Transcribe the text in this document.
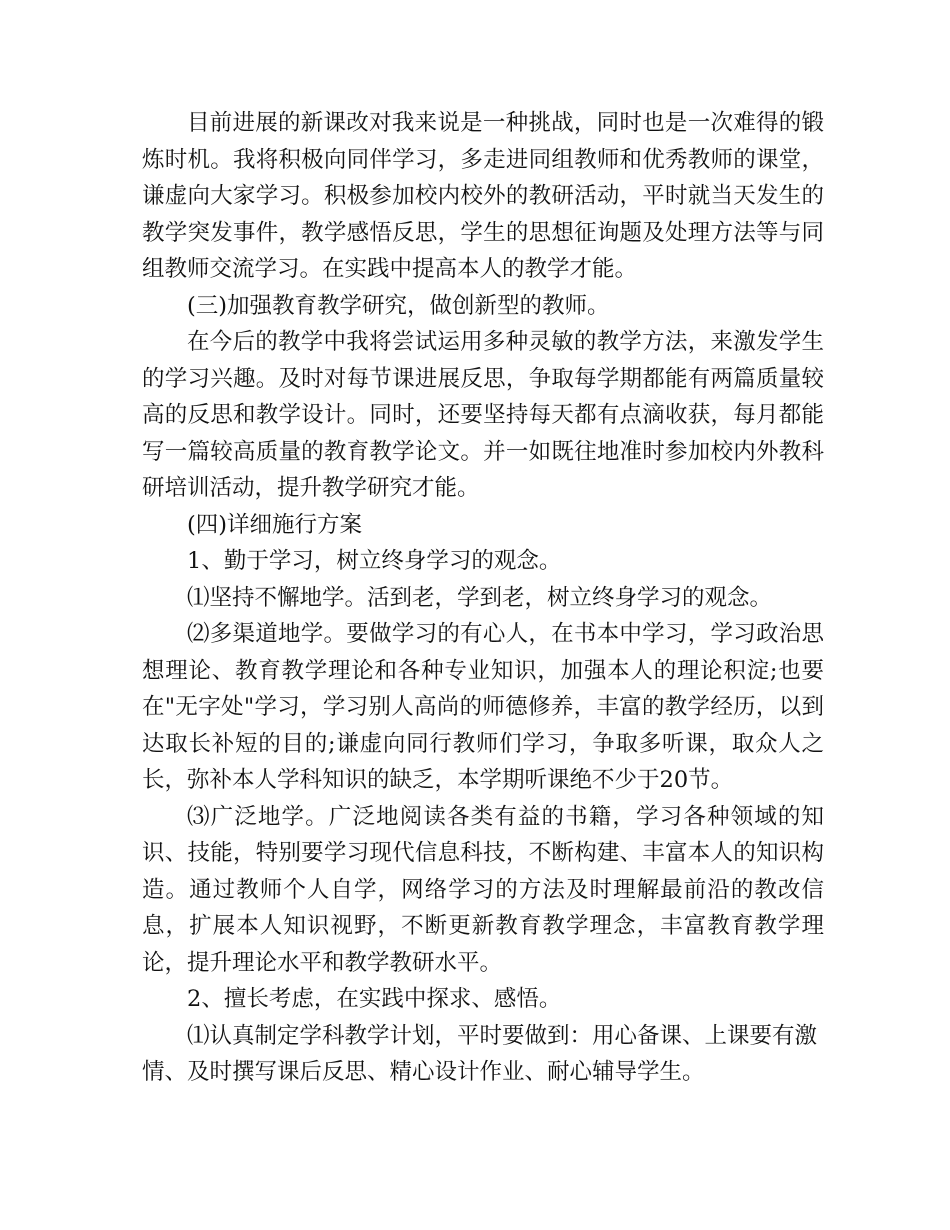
目前进展的新课改对我来说是一种挑战，同时也是一次难得的锻炼时机。我将积极向同伴学习，多走进同组教师和优秀教师的课堂，谦虚向大家学习。积极参加校内校外的教研活动，平时就当天发生的教学突发事件，教学感悟反思，学生的思想征询题及处理方法等与同组教师交流学习。在实践中提高本人的教学才能。

(三)加强教育教学研究，做创新型的教师。

在今后的教学中我将尝试运用多种灵敏的教学方法，来激发学生的学习兴趣。及时对每节课进展反思，争取每学期都能有两篇质量较高的反思和教学设计。同时，还要坚持每天都有点滴收获，每月都能写一篇较高质量的教育教学论文。并一如既往地准时参加校内外教科研培训活动，提升教学研究才能。

(四)详细施行方案

1、勤于学习，树立终身学习的观念。

⑴坚持不懈地学。活到老，学到老，树立终身学习的观念。

⑵多渠道地学。要做学习的有心人，在书本中学习，学习政治思想理论、教育教学理论和各种专业知识，加强本人的理论积淀;也要在"无字处"学习，学习别人高尚的师德修养，丰富的教学经历，以到达取长补短的目的;谦虚向同行教师们学习，争取多听课，取众人之长，弥补本人学科知识的缺乏，本学期听课绝不少于20节。

⑶广泛地学。广泛地阅读各类有益的书籍，学习各种领域的知识、技能，特别要学习现代信息科技，不断构建、丰富本人的知识构造。通过教师个人自学，网络学习的方法及时理解最前沿的教改信息，扩展本人知识视野，不断更新教育教学理念，丰富教育教学理论，提升理论水平和教学教研水平。

2、擅长考虑，在实践中探求、感悟。

⑴认真制定学科教学计划，平时要做到：用心备课、上课要有激情、及时撰写课后反思、精心设计作业、耐心辅导学生。
